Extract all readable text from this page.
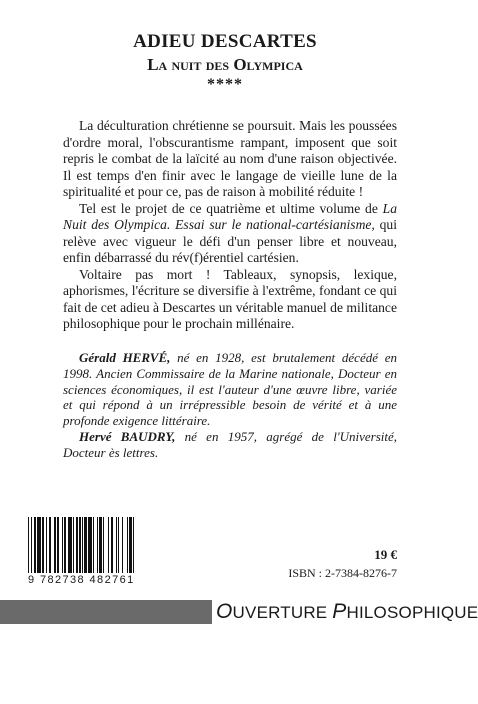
ADIEU DESCARTES

La nuit des Olympica

****

La déculturation chrétienne se poursuit. Mais les poussées d'ordre moral, l'obscurantisme rampant, imposent que soit repris le combat de la laïcité au nom d'une raison objectivée. Il est temps d'en finir avec le langage de vieille lune de la spiritualité et pour ce, pas de raison à mobilité réduite !

Tel est le projet de ce quatrième et ultime volume de La Nuit des Olympica. Essai sur le national-cartésianisme, qui relève avec vigueur le défi d'un penser libre et nouveau, enfin débarrassé du rév(f)érentiel cartésien.

Voltaire pas mort ! Tableaux, synopsis, lexique, aphorismes, l'écriture se diversifie à l'extrême, fondant ce qui fait de cet adieu à Descartes un véritable manuel de militance philosophique pour le prochain millénaire.

Gérald HERVÉ, né en 1928, est brutalement décédé en 1998. Ancien Commissaire de la Marine nationale, Docteur en sciences économiques, il est l'auteur d'une œuvre libre, variée et qui répond à un irrépressible besoin de vérité et à une profonde exigence littéraire.

Hervé BAUDRY, né en 1957, agrégé de l'Université, Docteur ès lettres.

9 782738 482761
19 €
ISBN : 2-7384-8276-7
OUVERTURE PHILOSOPHIQUE
